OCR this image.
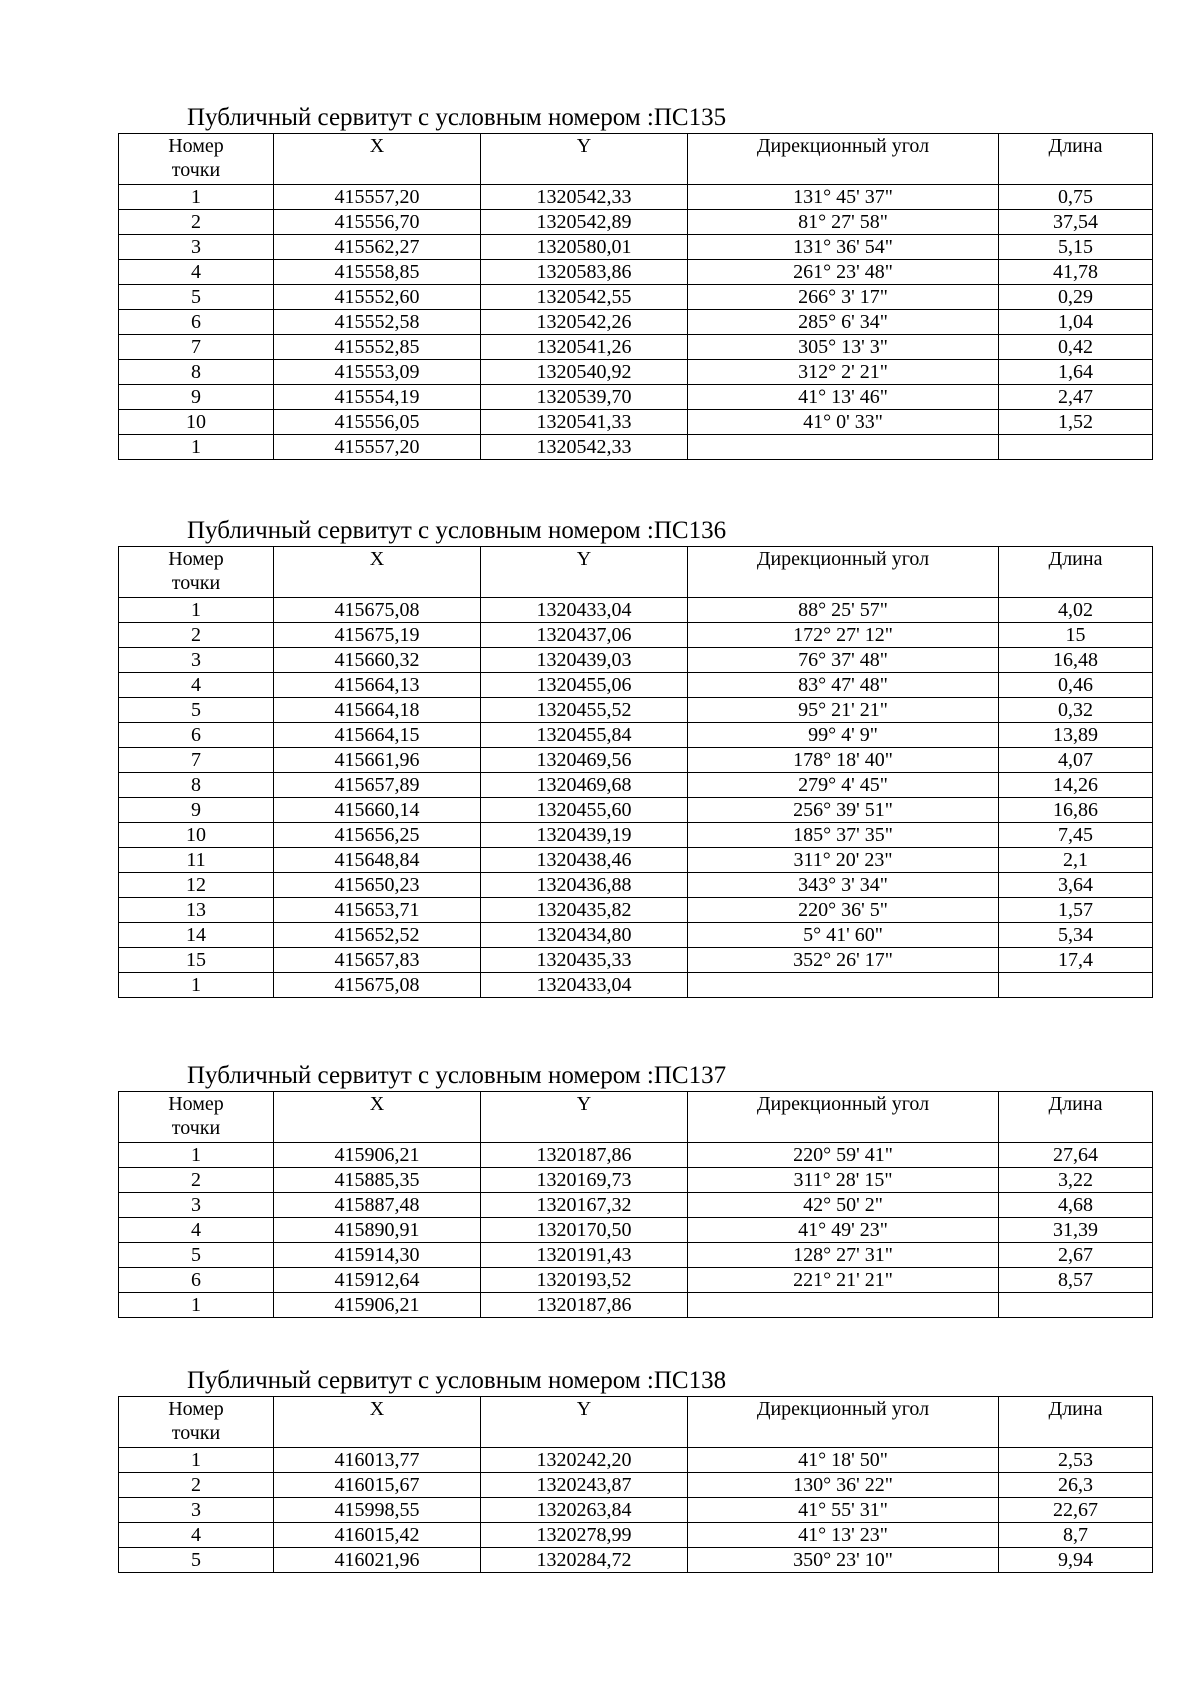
Публичный сервитут с условным номером :ПС135
Номер точки	X	Y	Дирекционный угол	Длина
1	415557,20	1320542,33	131° 45' 37"	0,75
2	415556,70	1320542,89	81° 27' 58"	37,54
3	415562,27	1320580,01	131° 36' 54"	5,15
4	415558,85	1320583,86	261° 23' 48"	41,78
5	415552,60	1320542,55	266° 3' 17"	0,29
6	415552,58	1320542,26	285° 6' 34"	1,04
7	415552,85	1320541,26	305° 13' 3"	0,42
8	415553,09	1320540,92	312° 2' 21"	1,64
9	415554,19	1320539,70	41° 13' 46"	2,47
10	415556,05	1320541,33	41° 0' 33"	1,52
1	415557,20	1320542,33		
Публичный сервитут с условным номером :ПС136
Номер точки	X	Y	Дирекционный угол	Длина
1	415675,08	1320433,04	88° 25' 57"	4,02
2	415675,19	1320437,06	172° 27' 12"	15
3	415660,32	1320439,03	76° 37' 48"	16,48
4	415664,13	1320455,06	83° 47' 48"	0,46
5	415664,18	1320455,52	95° 21' 21"	0,32
6	415664,15	1320455,84	99° 4' 9"	13,89
7	415661,96	1320469,56	178° 18' 40"	4,07
8	415657,89	1320469,68	279° 4' 45"	14,26
9	415660,14	1320455,60	256° 39' 51"	16,86
10	415656,25	1320439,19	185° 37' 35"	7,45
11	415648,84	1320438,46	311° 20' 23"	2,1
12	415650,23	1320436,88	343° 3' 34"	3,64
13	415653,71	1320435,82	220° 36' 5"	1,57
14	415652,52	1320434,80	5° 41' 60"	5,34
15	415657,83	1320435,33	352° 26' 17"	17,4
1	415675,08	1320433,04		
Публичный сервитут с условным номером :ПС137
Номер точки	X	Y	Дирекционный угол	Длина
1	415906,21	1320187,86	220° 59' 41"	27,64
2	415885,35	1320169,73	311° 28' 15"	3,22
3	415887,48	1320167,32	42° 50' 2"	4,68
4	415890,91	1320170,50	41° 49' 23"	31,39
5	415914,30	1320191,43	128° 27' 31"	2,67
6	415912,64	1320193,52	221° 21' 21"	8,57
1	415906,21	1320187,86		
Публичный сервитут с условным номером :ПС138
Номер точки	X	Y	Дирекционный угол	Длина
1	416013,77	1320242,20	41° 18' 50"	2,53
2	416015,67	1320243,87	130° 36' 22"	26,3
3	415998,55	1320263,84	41° 55' 31"	22,67
4	416015,42	1320278,99	41° 13' 23"	8,7
5	416021,96	1320284,72	350° 23' 10"	9,94
